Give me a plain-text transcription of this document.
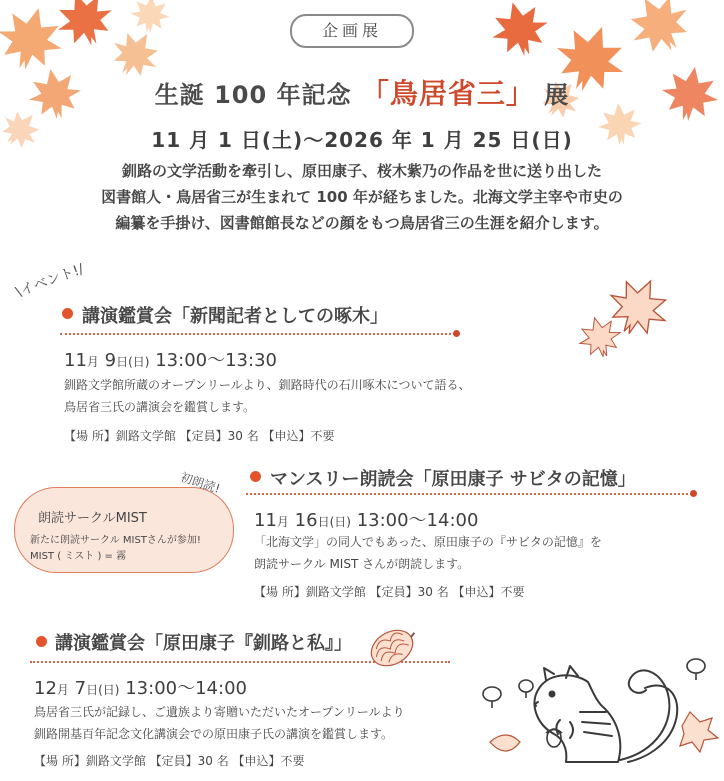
企画展
生誕 100 年記念 「鳥居省三」 展
11 月 1 日(土)〜2026 年 1 月 25 日(日)
釧路の文学活動を牽引し、原田康子、桜木紫乃の作品を世に送り出した
図書館人・鳥居省三が生まれて 100 年が経ちました。北海文学主宰や市史の
編纂を手掛け、図書館館長などの顔をもつ鳥居省三の生涯を紹介します。
\イベント!/
講演鑑賞会「新聞記者としての啄木」
11月 9日(日) 13:00〜13:30
釧路文学館所蔵のオープンリールより、釧路時代の石川啄木について語る、
鳥居省三氏の講演会を鑑賞します。
【場 所】釧路文学館 【定員】30 名 【申込】不要
初朗読!
朗読サークルMIST
新たに朗読サークル MISTさんが参加!
MIST ( ミスト ) = 霧
マンスリー朗読会「原田康子 サビタの記憶」
11月 16日(日) 13:00〜14:00
「北海文学」の同人でもあった、原田康子の『サビタの記憶』を
朗読サークル MIST さんが朗読します。
【場 所】釧路文学館 【定員】30 名 【申込】不要
講演鑑賞会「原田康子『釧路と私』」
12月 7日(日) 13:00〜14:00
鳥居省三氏が記録し、ご遺族より寄贈いただいたオープンリールより
釧路開基百年記念文化講演会での原田康子氏の講演を鑑賞します。
【場 所】釧路文学館 【定員】30 名 【申込】不要
